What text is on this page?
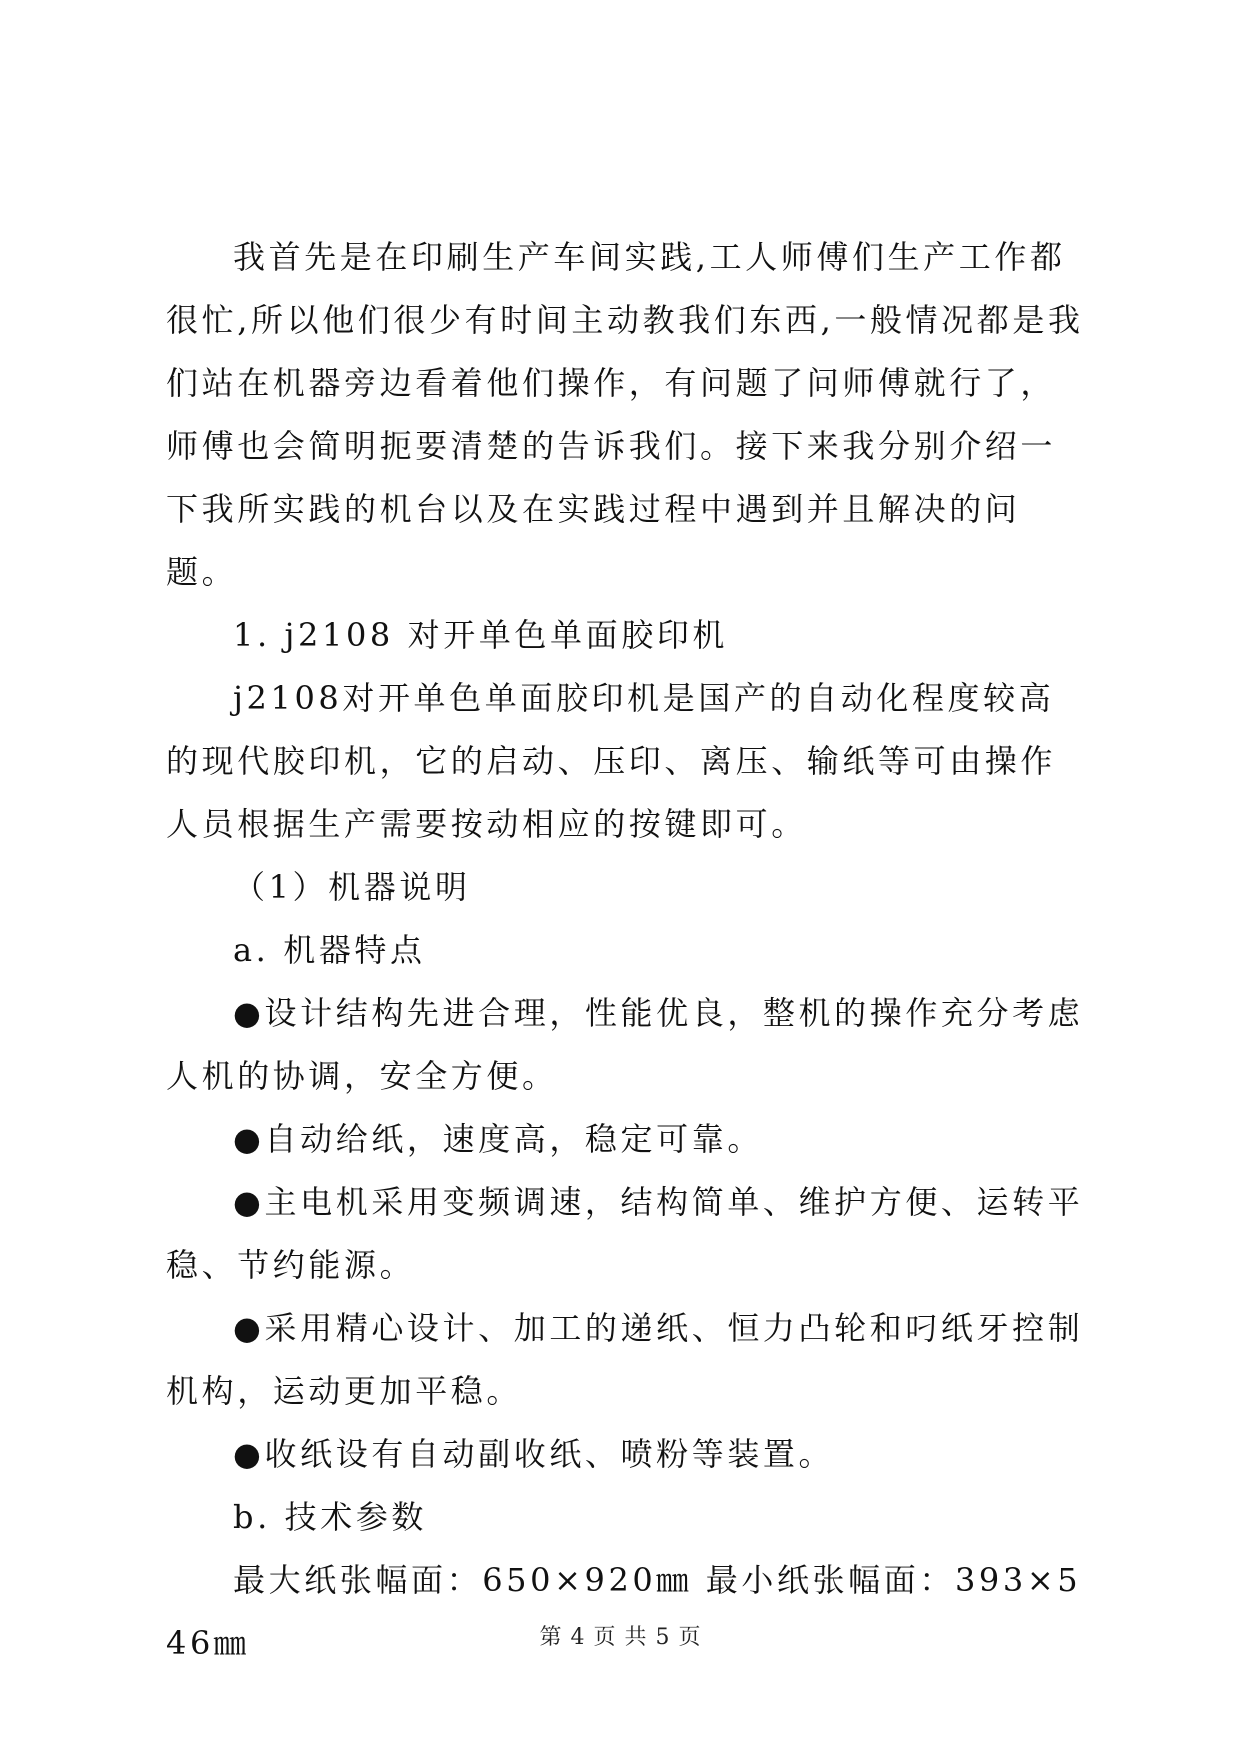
我首先是在印刷生产车间实践,工人师傅们生产工作都很忙,所以他们很少有时间主动教我们东西,一般情况都是我们站在机器旁边看着他们操作，有问题了问师傅就行了，师傅也会简明扼要清楚的告诉我们。接下来我分别介绍一下我所实践的机台以及在实践过程中遇到并且解决的问题。

1. j2108 对开单色单面胶印机

j2108对开单色单面胶印机是国产的自动化程度较高的现代胶印机，它的启动、压印、离压、输纸等可由操作人员根据生产需要按动相应的按键即可。

（1）机器说明

a. 机器特点

●设计结构先进合理，性能优良，整机的操作充分考虑人机的协调，安全方便。

●自动给纸，速度高，稳定可靠。

●主电机采用变频调速，结构简单、维护方便、运转平稳、节约能源。

●采用精心设计、加工的递纸、恒力凸轮和叼纸牙控制机构，运动更加平稳。

●收纸设有自动副收纸、喷粉等装置。

b. 技术参数

最大纸张幅面：650×920㎜ 最小纸张幅面：393×546㎜	第 4 页 共 5 页
